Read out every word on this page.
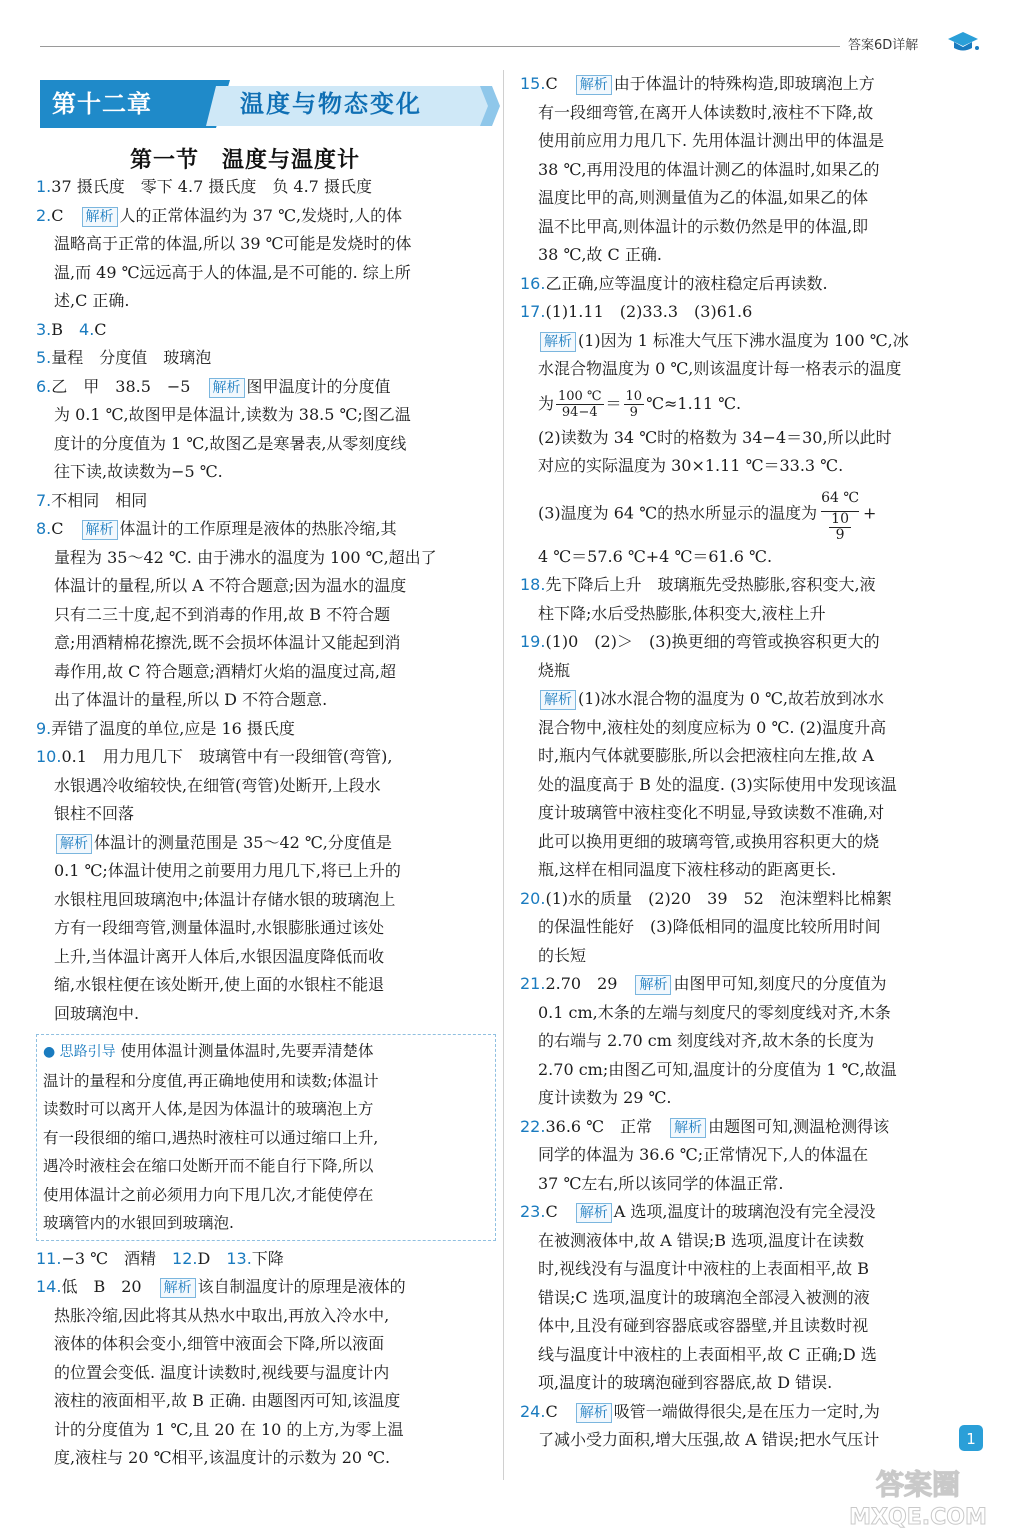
答案6D详解
第十二章	温度与物态变化
第一节　温度与温度计
1.37 摄氏度　零下 4.7 摄氏度　负 4.7 摄氏度
2.C　 解析 人的正常体温约为 37 ℃,发烧时,人的体
温略高于正常的体温,所以 39 ℃可能是发烧时的体
温,而 49 ℃远远高于人的体温,是不可能的. 综上所
述,C 正确.
3.B　4.C
5.量程　分度值　玻璃泡
6.乙　甲　38.5　−5　 解析 图甲温度计的分度值
为 0.1 ℃,故图甲是体温计,读数为 38.5 ℃;图乙温
度计的分度值为 1 ℃,故图乙是寒暑表,从零刻度线
往下读,故读数为−5 ℃.
7.不相同　相同
8.C　 解析 体温计的工作原理是液体的热胀冷缩,其
量程为 35～42 ℃. 由于沸水的温度为 100 ℃,超出了
体温计的量程,所以 A 不符合题意;因为温水的温度
只有二三十度,起不到消毒的作用,故 B 不符合题
意;用酒精棉花擦洗,既不会损坏体温计又能起到消
毒作用,故 C 符合题意;酒精灯火焰的温度过高,超
出了体温计的量程,所以 D 不符合题意.
9.弄错了温度的单位,应是 16 摄氏度
10.0.1　用力甩几下　玻璃管中有一段细管(弯管),
水银遇冷收缩较快,在细管(弯管)处断开,上段水
银柱不回落
解析 体温计的测量范围是 35～42 ℃,分度值是
0.1 ℃;体温计使用之前要用力甩几下,将已上升的
水银柱甩回玻璃泡中;体温计存储水银的玻璃泡上
方有一段细弯管,测量体温时,水银膨胀通过该处
上升,当体温计离开人体后,水银因温度降低而收
缩,水银柱便在该处断开,使上面的水银柱不能退
回玻璃泡中.
● 思路引导 使用体温计测量体温时,先要弄清楚体
温计的量程和分度值,再正确地使用和读数;体温计
读数时可以离开人体,是因为体温计的玻璃泡上方
有一段很细的缩口,遇热时液柱可以通过缩口上升,
遇冷时液柱会在缩口处断开而不能自行下降,所以
使用体温计之前必须用力向下甩几次,才能使停在
玻璃管内的水银回到玻璃泡.
11.−3 ℃　酒精　12.D　13.下降
14.低　B　20　 解析 该自制温度计的原理是液体的
热胀冷缩,因此将其从热水中取出,再放入冷水中,
液体的体积会变小,细管中液面会下降,所以液面
的位置会变低. 温度计读数时,视线要与温度计内
液柱的液面相平,故 B 正确. 由题图丙可知,该温度
计的分度值为 1 ℃,且 20 在 10 的上方,为零上温
度,液柱与 20 ℃相平,该温度计的示数为 20 ℃.
15.C　 解析 由于体温计的特殊构造,即玻璃泡上方
有一段细弯管,在离开人体读数时,液柱不下降,故
使用前应用力甩几下. 先用体温计测出甲的体温是
38 ℃,再用没甩的体温计测乙的体温时,如果乙的
温度比甲的高,则测量值为乙的体温,如果乙的体
温不比甲高,则体温计的示数仍然是甲的体温,即
38 ℃,故 C 正确.
16.乙正确,应等温度计的液柱稳定后再读数.
17.(1)1.11　(2)33.3　(3)61.6
解析 (1)因为 1 标准大气压下沸水温度为 100 ℃,冰
水混合物温度为 0 ℃,则该温度计每一格表示的温度
为 $\frac{100 ℃}{94-4} = \frac{10}{9}$ ℃≈1.11 ℃.
(2)读数为 34 ℃时的格数为 34−4＝30,所以此时
对应的实际温度为 30×1.11 ℃＝33.3 ℃.
(3)温度为 64 ℃的热水所显示的温度为 $\frac{64 ℃}{\frac{10}{9}}$ +
4 ℃＝57.6 ℃+4 ℃＝61.6 ℃.
18.先下降后上升　玻璃瓶先受热膨胀,容积变大,液
柱下降;水后受热膨胀,体积变大,液柱上升
19.(1)0　(2)＞　(3)换更细的弯管或换容积更大的
烧瓶
解析 (1)冰水混合物的温度为 0 ℃,故若放到冰水
混合物中,液柱处的刻度应标为 0 ℃. (2)温度升高
时,瓶内气体就要膨胀,所以会把液柱向左推,故 A
处的温度高于 B 处的温度. (3)实际使用中发现该温
度计玻璃管中液柱变化不明显,导致读数不准确,对
此可以换用更细的玻璃弯管,或换用容积更大的烧
瓶,这样在相同温度下液柱移动的距离更长.
20.(1)水的质量　(2)20　39　52　泡沫塑料比棉絮
的保温性能好　(3)降低相同的温度比较所用时间
的长短
21.2.70　29　 解析 由图甲可知,刻度尺的分度值为
0.1 cm,木条的左端与刻度尺的零刻度线对齐,木条
的右端与 2.70 cm 刻度线对齐,故木条的长度为
2.70 cm;由图乙可知,温度计的分度值为 1 ℃,故温
度计读数为 29 ℃.
22.36.6 ℃　正常　 解析 由题图可知,测温枪测得该
同学的体温为 36.6 ℃;正常情况下,人的体温在
37 ℃左右,所以该同学的体温正常.
23.C　 解析 A 选项,温度计的玻璃泡没有完全浸没
在被测液体中,故 A 错误;B 选项,温度计在读数
时,视线没有与温度计中液柱的上表面相平,故 B
错误;C 选项,温度计的玻璃泡全部浸入被测的液
体中,且没有碰到容器底或容器壁,并且读数时视
线与温度计中液柱的上表面相平,故 C 正确;D 选
项,温度计的玻璃泡碰到容器底,故 D 错误.
24.C　 解析 吸管一端做得很尖,是在压力一定时,为
了减小受力面积,增大压强,故 A 错误;把水气压计	1
答案圈
MXQE.COM
